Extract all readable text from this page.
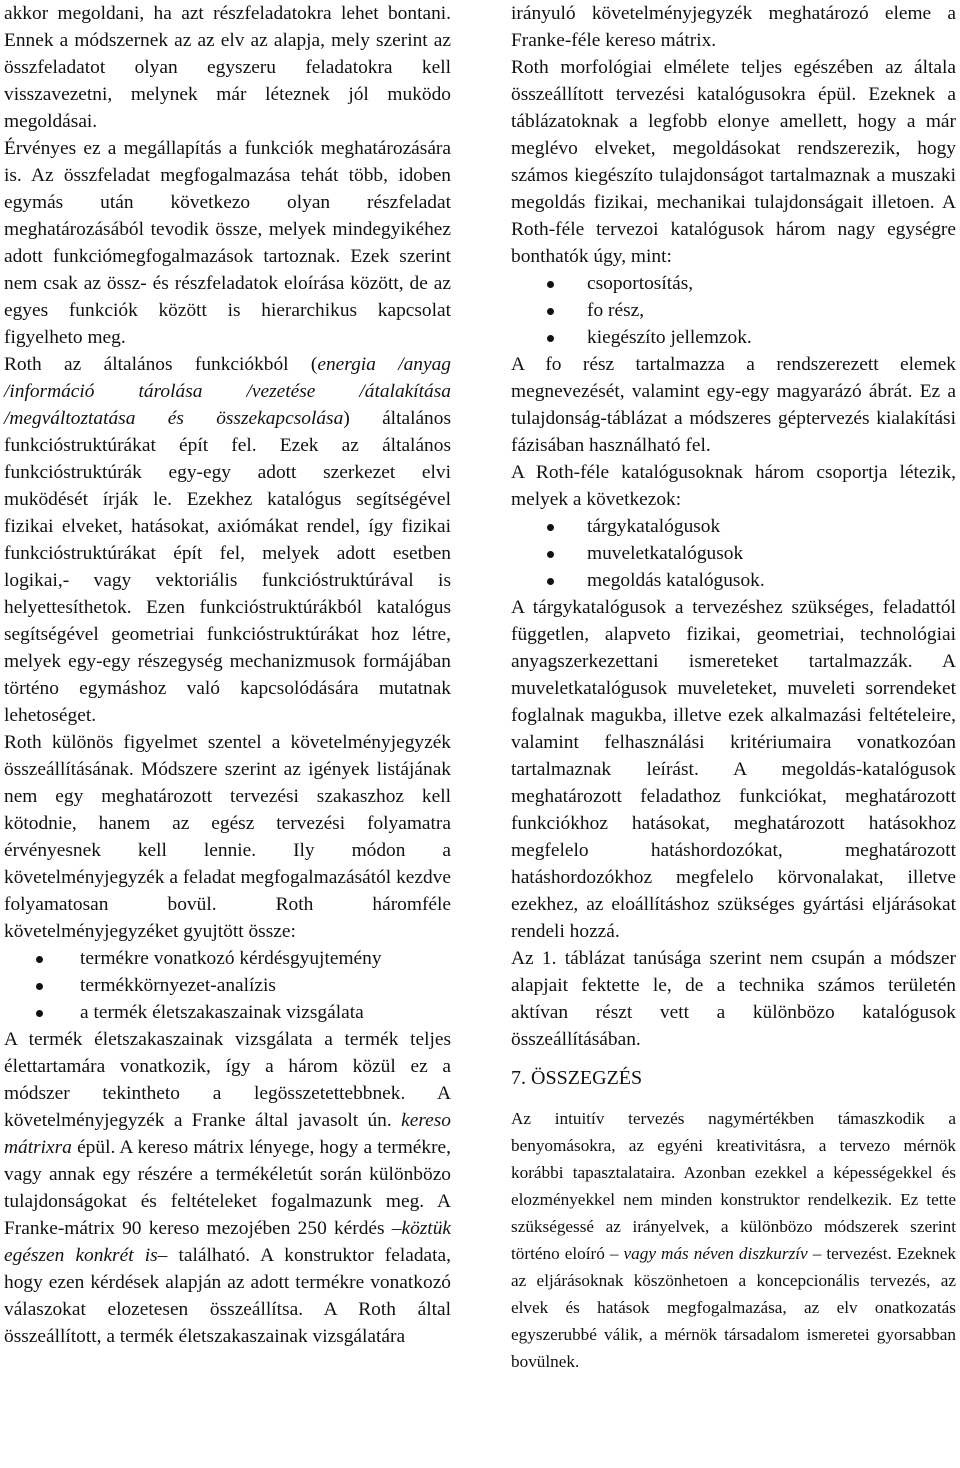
akkor megoldani, ha azt részfeladatokra lehet bontani. Ennek a módszernek az az elv az alapja, mely szerint az összfeladatot olyan egyszeru feladatokra kell visszavezetni, melynek már léteznek jól muködo megoldásai.

Érvényes ez a megállapítás a funkciók meghatározására is. Az összfeladat megfogalmazása tehát több, idoben egymás után következo olyan részfeladat meghatározásából tevodik össze, melyek mindegyikéhez adott funkciómegfogalmazások tartoznak. Ezek szerint nem csak az össz- és részfeladatok eloírása között, de az egyes funkciók között is hierarchikus kapcsolat figyelheto meg.

Roth az általános funkciókból (energia /anyag /információ tárolása /vezetése /átalakítása /megváltoztatása és összekapcsolása) általános funkcióstruktúrákat épít fel. Ezek az általános funkcióstruktúrák egy-egy adott szerkezet elvi muködését írják le. Ezekhez katalógus segítségével fizikai elveket, hatásokat, axiómákat rendel, így fizikai funkcióstruktúrákat épít fel, melyek adott esetben logikai,- vagy vektoriális funkcióstruktúrával is helyettesíthetok. Ezen funkcióstruktúrákból katalógus segítségével geometriai funkcióstruktúrákat hoz létre, melyek egy-egy részegység mechanizmusok formájában történo egymáshoz való kapcsolódására mutatnak lehetoséget.

Roth különös figyelmet szentel a követelményjegyzék összeállításának. Módszere szerint az igények listájának nem egy meghatározott tervezési szakaszhoz kell kötodnie, hanem az egész tervezési folyamatra érvényesnek kell lennie. Ily módon a követelményjegyzék a feladat megfogalmazásától kezdve folyamatosan bovül. Roth háromféle követelményjegyzéket gyujtött össze:

termékre vonatkozó kérdésgyujtemény
termékkörnyezet-analízis
a termék életszakaszainak vizsgálata

A termék életszakaszainak vizsgálata a termék teljes élettartamára vonatkozik, így a három közül ez a módszer tekintheto a legösszetettebbnek. A követelményjegyzék a Franke által javasolt ún. kereso mátrixra épül. A kereso mátrix lényege, hogy a termékre, vagy annak egy részére a termékéletút során különbözo tulajdonságokat és feltételeket fogalmazunk meg. A Franke-mátrix 90 kereso mezojében 250 kérdés –köztük egészen konkrét is– található. A konstruktor feladata, hogy ezen kérdések alapján az adott termékre vonatkozó válaszokat elozetesen összeállítsa. A Roth által összeállított, a termék életszakaszainak vizsgálatára

irányuló követelményjegyzék meghatározó eleme a Franke-féle kereso mátrix.

Roth morfológiai elmélete teljes egészében az általa összeállított tervezési katalógusokra épül. Ezeknek a táblázatoknak a legfobb elonye amellett, hogy a már meglévo elveket, megoldásokat rendszerezik, hogy számos kiegészíto tulajdonságot tartalmaznak a muszaki megoldás fizikai, mechanikai tulajdonságait illetoen. A Roth-féle tervezoi katalógusok három nagy egységre bonthatók úgy, mint:

csoportosítás,
fo rész,
kiegészíto jellemzok.

A fo rész tartalmazza a rendszerezett elemek megnevezését, valamint egy-egy magyarázó ábrát. Ez a tulajdonság-táblázat a módszeres géptervezés kialakítási fázisában használható fel.

A Roth-féle katalógusoknak három csoportja létezik, melyek a következok:

tárgykatalógusok
muveletkatalógusok
megoldás katalógusok.

A tárgykatalógusok a tervezéshez szükséges, feladattól független, alapveto fizikai, geometriai, technológiai anyagszerkezettani ismereteket tartalmazzák. A muveletkatalógusok muveleteket, muveleti sorrendeket foglalnak magukba, illetve ezek alkalmazási feltételeire, valamint felhasználási kritériumaira vonatkozóan tartalmaznak leírást. A megoldás-katalógusok meghatározott feladathoz funkciókat, meghatározott funkciókhoz hatásokat, meghatározott hatásokhoz megfelelo hatáshordozókat, meghatározott hatáshordozókhoz megfelelo körvonalakat, illetve ezekhez, az eloállításhoz szükséges gyártási eljárásokat rendeli hozzá.

Az 1. táblázat tanúsága szerint nem csupán a módszer alapjait fektette le, de a technika számos területén aktívan részt vett a különbözo katalógusok összeállításában.

7. ÖSSZEGZÉS

Az intuitív tervezés nagymértékben támaszkodik a benyomásokra, az egyéni kreativitásra, a tervezo mérnök korábbi tapasztalataira. Azonban ezekkel a képességekkel és elozményekkel nem minden konstruktor rendelkezik. Ez tette szükségessé az irányelvek, a különbözo módszerek szerint történo eloíró – vagy más néven diszkurzív – tervezést. Ezeknek az eljárásoknak köszönhetoen a koncepcionális tervezés, az elvek és hatások megfogalmazása, az elv onatkozatás egyszerubbé válik, a mérnök társadalom ismeretei gyorsabban bovülnek.
